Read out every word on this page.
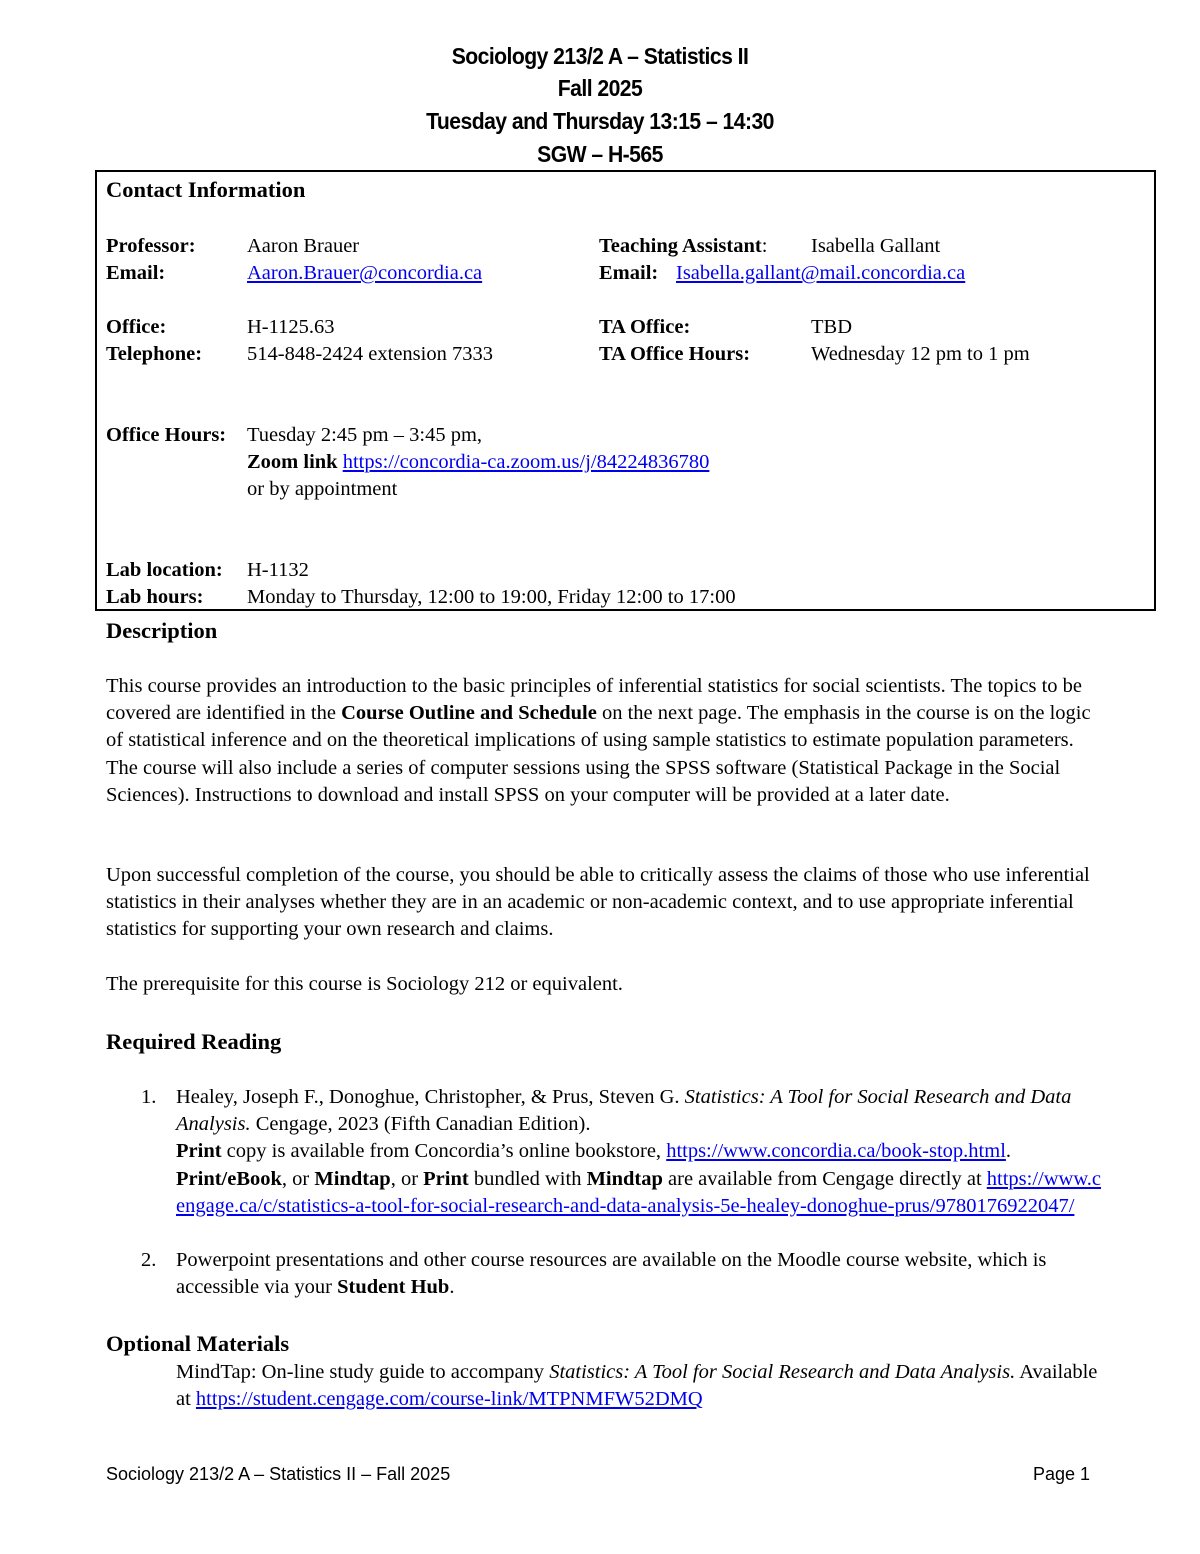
Sociology 213/2 A – Statistics II
Fall 2025
Tuesday and Thursday 13:15 – 14:30
SGW – H-565
Contact Information
Professor:	Aaron Brauer
Email:	Aaron.Brauer@concordia.ca
Teaching Assistant: Isabella Gallant
Email: Isabella.gallant@mail.concordia.ca
Office:	H-1125.63
Telephone: 514-848-2424 extension 7333
TA Office:	TBD
TA Office Hours:	Wednesday 12 pm to 1 pm
Office Hours: Tuesday 2:45 pm – 3:45 pm,
Zoom link https://concordia-ca.zoom.us/j/84224836780
or by appointment
Lab location: H-1132
Lab hours: Monday to Thursday, 12:00 to 19:00, Friday 12:00 to 17:00
Description

This course provides an introduction to the basic principles of inferential statistics for social scientists. The topics to be covered are identified in the Course Outline and Schedule on the next page. The emphasis in the course is on the logic of statistical inference and on the theoretical implications of using sample statistics to estimate population parameters. The course will also include a series of computer sessions using the SPSS software (Statistical Package in the Social Sciences). Instructions to download and install SPSS on your computer will be provided at a later date.

Upon successful completion of the course, you should be able to critically assess the claims of those who use inferential statistics in their analyses whether they are in an academic or non-academic context, and to use appropriate inferential statistics for supporting your own research and claims.

The prerequisite for this course is Sociology 212 or equivalent.

Required Reading
1. Healey, Joseph F., Donoghue, Christopher, & Prus, Steven G. Statistics: A Tool for Social Research and Data Analysis. Cengage, 2023 (Fifth Canadian Edition).
Print copy is available from Concordia’s online bookstore, https://www.concordia.ca/book-stop.html. Print/eBook, or Mindtap, or Print bundled with Mindtap are available from Cengage directly at https://www.cengage.ca/c/statistics-a-tool-for-social-research-and-data-analysis-5e-healey-donoghue-prus/9780176922047/
2. Powerpoint presentations and other course resources are available on the Moodle course website, which is accessible via your Student Hub.
Optional Materials
MindTap: On-line study guide to accompany Statistics: A Tool for Social Research and Data Analysis. Available at https://student.cengage.com/course-link/MTPNMFW52DMQ
Sociology 213/2 A – Statistics II – Fall 2025	Page 1
